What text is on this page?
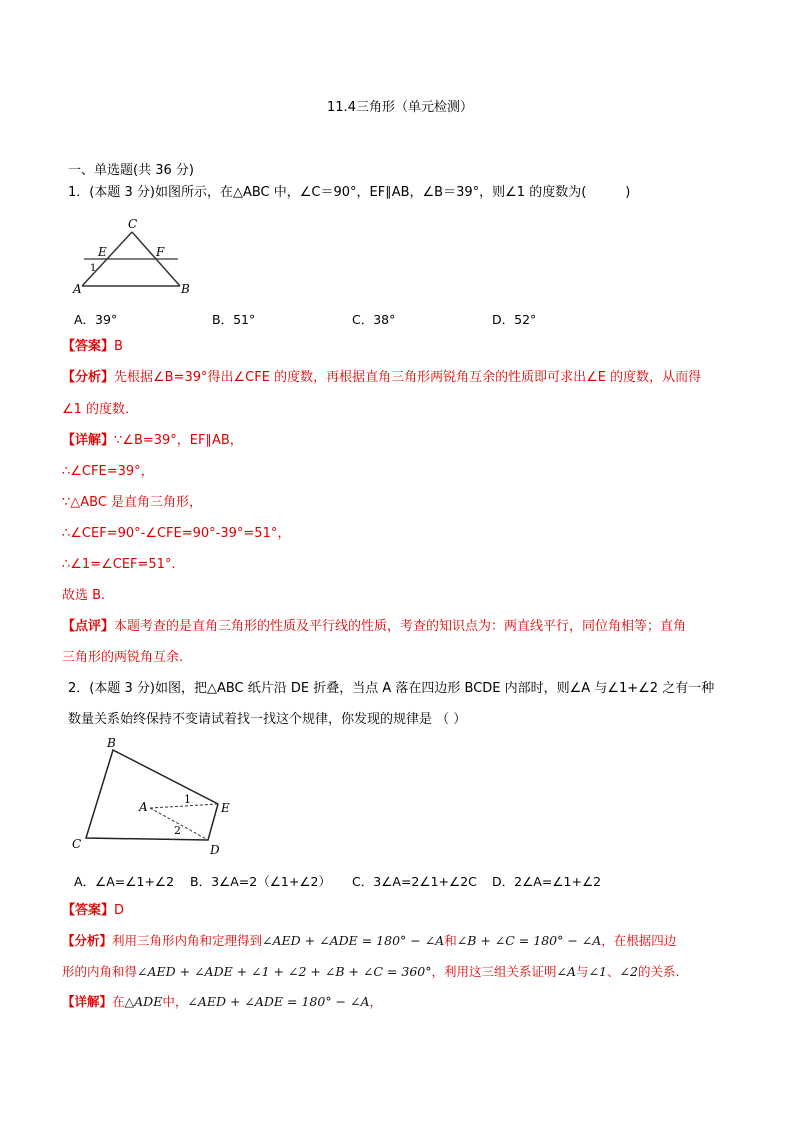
11.4三角形（单元检测）
一、单选题(共 36 分)
1．(本题 3 分)如图所示，在△ABC 中，∠C＝90°，EF∥AB，∠B＝39°，则∠1 的度数为(　　　)
C
E	F
1
A	B
A．39°	B．51°	C．38°	D．52°
【答案】B
【分析】先根据∠B=39°得出∠CFE 的度数，再根据直角三角形两锐角互余的性质即可求出∠E 的度数，从而得
∠1 的度数．
【详解】∵∠B=39°，EF∥AB，
∴∠CFE=39°，
∵△ABC 是直角三角形，
∴∠CEF=90°-∠CFE=90°-39°=51°，
∴∠1=∠CEF=51°.
故选 B.
【点评】本题考查的是直角三角形的性质及平行线的性质，考查的知识点为：两直线平行，同位角相等；直角
三角形的两锐角互余.
2．(本题 3 分)如图，把△ABC 纸片沿 DE 折叠，当点 A 落在四边形 BCDE 内部时，则∠A 与∠1+∠2 之有一种
数量关系始终保持不变请试着找一找这个规律，你发现的规律是 （ ）
B
C	D
E
A
1
2
A．∠A=∠1+∠2 B．3∠A=2（∠1+∠2） C．3∠A=2∠1+∠2C D．2∠A=∠1+∠2
【答案】D
【分析】利用三角形内角和定理得到∠AED + ∠ADE = 180° − ∠A和∠B + ∠C = 180° − ∠A，在根据四边
形的内角和得∠AED + ∠ADE + ∠1 + ∠2 + ∠B + ∠C = 360°，利用这三组关系证明∠A与∠1、∠2的关系.
【详解】在△ADE中，∠AED + ∠ADE = 180° − ∠A，
